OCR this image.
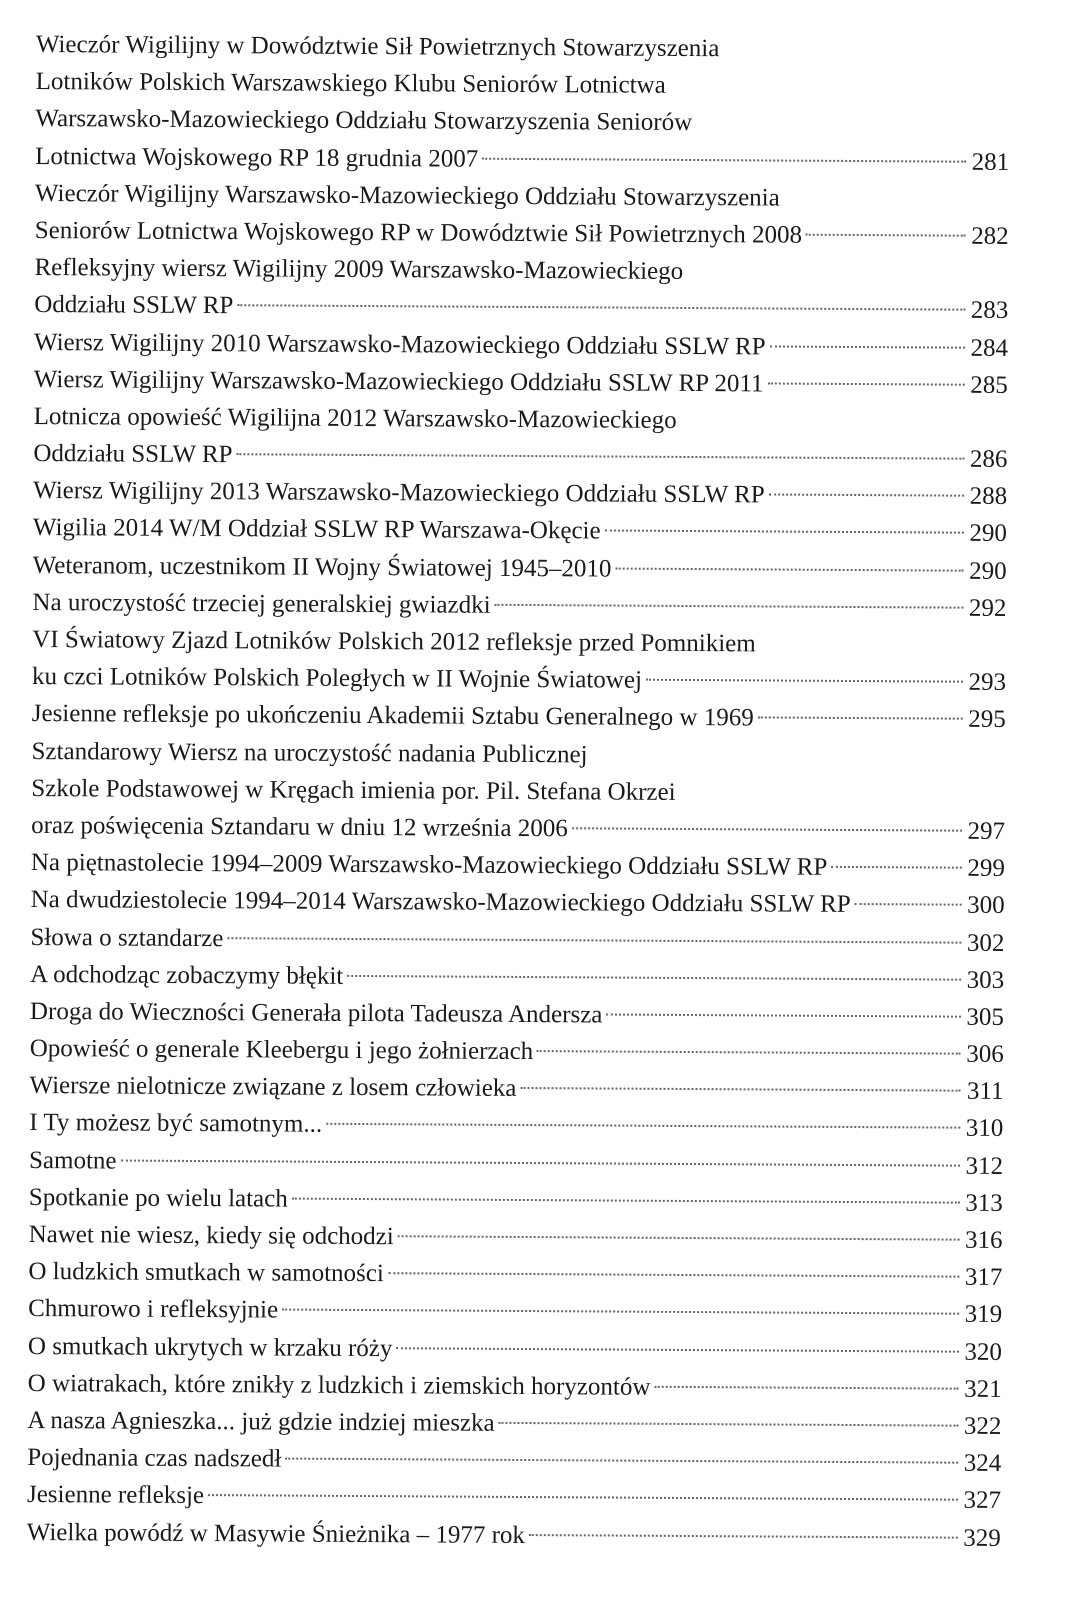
Wieczór Wigilijny w Dowództwie Sił Powietrznych Stowarzyszenia
Lotników Polskich Warszawskiego Klubu Seniorów Lotnictwa
Warszawsko-Mazowieckiego Oddziału Stowarzyszenia Seniorów
Lotnictwa Wojskowego RP 18 grudnia 2007	281
Wieczór Wigilijny Warszawsko-Mazowieckiego Oddziału Stowarzyszenia
Seniorów Lotnictwa Wojskowego RP w Dowództwie Sił Powietrznych 2008	282
Refleksyjny wiersz Wigilijny 2009 Warszawsko-Mazowieckiego
Oddziału SSLW RP	283
Wiersz Wigilijny 2010 Warszawsko-Mazowieckiego Oddziału SSLW RP	284
Wiersz Wigilijny Warszawsko-Mazowieckiego Oddziału SSLW RP 2011	285
Lotnicza opowieść Wigilijna 2012 Warszawsko-Mazowieckiego
Oddziału SSLW RP	286
Wiersz Wigilijny 2013 Warszawsko-Mazowieckiego Oddziału SSLW RP	288
Wigilia 2014 W/M Oddział SSLW RP Warszawa-Okęcie	290
Weteranom, uczestnikom II Wojny Światowej 1945–2010	290
Na uroczystość trzeciej generalskiej gwiazdki	292
VI Światowy Zjazd Lotników Polskich 2012 refleksje przed Pomnikiem
ku czci Lotników Polskich Poległych w II Wojnie Światowej	293
Jesienne refleksje po ukończeniu Akademii Sztabu Generalnego w 1969	295
Sztandarowy Wiersz na uroczystość nadania Publicznej
Szkole Podstawowej w Kręgach imienia por. Pil. Stefana Okrzei
oraz poświęcenia Sztandaru w dniu 12 września 2006	297
Na piętnastolecie 1994–2009 Warszawsko-Mazowieckiego Oddziału SSLW RP	299
Na dwudziestolecie 1994–2014 Warszawsko-Mazowieckiego Oddziału SSLW RP	300
Słowa o sztandarze	302
A odchodząc zobaczymy błękit	303
Droga do Wieczności Generała pilota Tadeusza Andersza	305
Opowieść o generale Kleebergu i jego żołnierzach	306
Wiersze nielotnicze związane z losem człowieka	311
I Ty możesz być samotnym...	310
Samotne	312
Spotkanie po wielu latach	313
Nawet nie wiesz, kiedy się odchodzi	316
O ludzkich smutkach w samotności	317
Chmurowo i refleksyjnie	319
O smutkach ukrytych w krzaku róży	320
O wiatrakach, które znikły z ludzkich i ziemskich horyzontów	321
A nasza Agnieszka... już gdzie indziej mieszka	322
Pojednania czas nadszedł	324
Jesienne refleksje	327
Wielka powódź w Masywie Śnieżnika – 1977 rok	329
